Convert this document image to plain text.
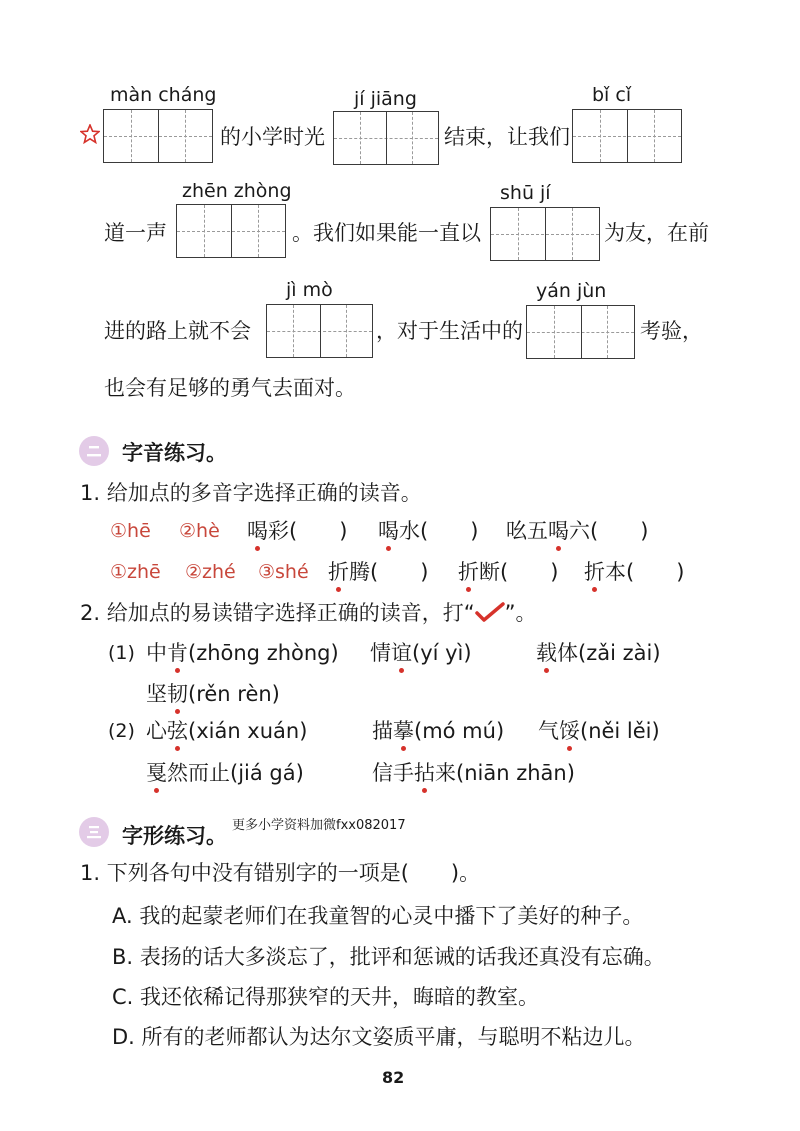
màn cháng
的小学时光
jí jiāng
结束，让我们
bǐ cǐ
道一声
zhēn zhòng
。我们如果能一直以
shū jí
为友，在前
进的路上就不会
jì mò
，对于生活中的
yán jùn
考验，
也会有足够的勇气去面对。
字音练习。
1. 给加点的多音字选择正确的读音。
①hē ②hè 喝彩(　　) 喝水(　　) 吆五喝六(　　)
①zhē ②zhé ③shé 折腾(　　) 折断(　　) 折本(　　)
2. 给加点的易读错字选择正确的读音，打“ ”。
(1) 中肯(zhōng zhòng) 情谊(yí yì)	载体(zǎi zài)
坚韧(rěn rèn)
(2) 心弦(xián xuán)	描摹(mó mú) 气馁(něi lěi)
戛然而止(jiá gá)	信手拈来(niān zhān)
字形练习。 更多小学资料加微fxx082017
1. 下列各句中没有错别字的一项是(　　)。
A. 我的起蒙老师们在我童智的心灵中播下了美好的种子。
B. 表扬的话大多淡忘了，批评和惩诫的话我还真没有忘确。
C. 我还依稀记得那狭窄的天井，晦暗的教室。
D. 所有的老师都认为达尔文姿质平庸，与聪明不粘边儿。
82
